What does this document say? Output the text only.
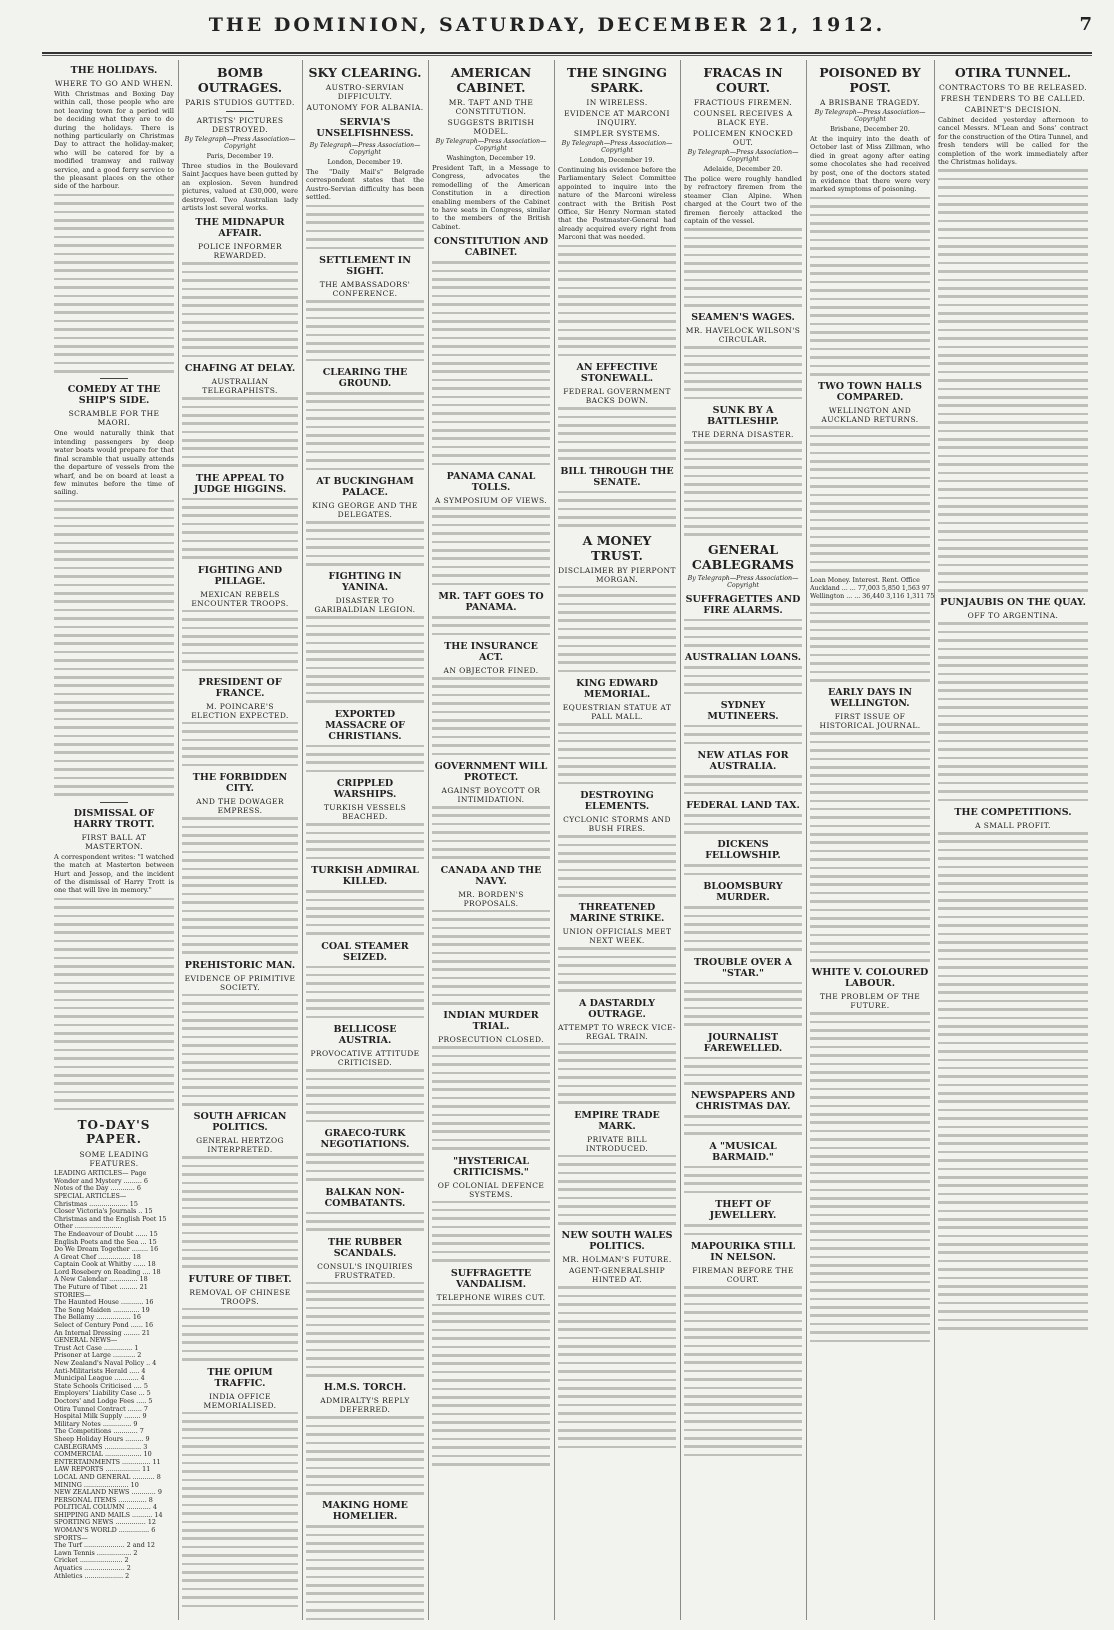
THE DOMINION, SATURDAY, DECEMBER 21, 1912.	7
THE HOLIDAYS.
WHERE TO GO AND WHEN.
With Christmas and Boxing Day within call, those people who are not leaving town for a period will be deciding what they are to do during the holidays. There is nothing particularly on Christmas Day to attract the holiday-maker, who will be catered for by a modified tramway and railway service, and a good ferry service to the pleasant places on the other side of the harbour.
COMEDY AT THE SHIP'S SIDE.
SCRAMBLE FOR THE MAORI.
One would naturally think that intending passengers by deep water boats would prepare for that final scramble that usually attends the departure of vessels from the wharf, and be on board at least a few minutes before the time of sailing.
DISMISSAL OF HARRY TROTT.
FIRST BALL AT MASTERTON.
A correspondent writes: "I watched the match at Masterton between Hurt and Jessop, and the incident of the dismissal of Harry Trott is one that will live in memory."
TO-DAY'S PAPER.
SOME LEADING FEATURES.
LEADING ARTICLES— Page
Wonder and Mystery ......... 6
Notes of the Day ............ 6
SPECIAL ARTICLES—
Christmas ................... 15
Closer Victoria's Journals .. 15
Christmas and the English Poet 15
Other .......................
The Endeavour of Doubt ...... 15
English Poets and the Sea ... 15
Do We Dream Together ........ 16
A Great Chef ................ 18
Captain Cook at Whitby ...... 18
Lord Rosebery on Reading .... 18
A New Calendar .............. 18
The Future of Tibet ......... 21
STORIES—
The Haunted House ........... 16
The Song Maiden ............. 19
The Bellamy ................. 16
Select of Century Pond ...... 16
An Internal Dressing ........ 21
GENERAL NEWS—
Trust Act Case .............. 1
Prisoner at Large ........... 2
New Zealand's Naval Policy .. 4
Anti-Militarists Herald ..... 4
Municipal League ............ 4
State Schools Criticised .... 5
Employers' Liability Case ... 5
Doctors' and Lodge Fees ..... 5
Otira Tunnel Contract ....... 7
Hospital Milk Supply ........ 9
Military Notes .............. 9
The Competitions ............ 7
Sheep Holiday Hours ......... 9
CABLEGRAMS .................. 3
COMMERCIAL .................. 10
ENTERTAINMENTS .............. 11
LAW REPORTS ................. 11
LOCAL AND GENERAL ........... 8
MINING ...................... 10
NEW ZEALAND NEWS ............ 9
PERSONAL ITEMS .............. 8
POLITICAL COLUMN ............ 4
SHIPPING AND MAILS .......... 14
SPORTING NEWS ............... 12
WOMAN'S WORLD ............... 6
SPORTS—
The Turf .................... 2 and 12
Lawn Tennis ................. 2
Cricket ..................... 2
Aquatics .................... 2
Athletics ................... 2
BOMB OUTRAGES.
PARIS STUDIOS GUTTED.
ARTISTS' PICTURES DESTROYED.
By Telegraph—Press Association—Copyright
Paris, December 19.
Three studios in the Boulevard Saint Jacques have been gutted by an explosion. Seven hundred pictures, valued at £30,000, were destroyed. Two Australian lady artists lost several works.
THE MIDNAPUR AFFAIR.
POLICE INFORMER REWARDED.
CHAFING AT DELAY.
AUSTRALIAN TELEGRAPHISTS.
THE APPEAL TO JUDGE HIGGINS.
FIGHTING AND PILLAGE.
MEXICAN REBELS ENCOUNTER TROOPS.
PRESIDENT OF FRANCE.
M. POINCARE'S ELECTION EXPECTED.
THE FORBIDDEN CITY.
AND THE DOWAGER EMPRESS.
PREHISTORIC MAN.
EVIDENCE OF PRIMITIVE SOCIETY.
SOUTH AFRICAN POLITICS.
GENERAL HERTZOG INTERPRETED.
FUTURE OF TIBET.
REMOVAL OF CHINESE TROOPS.
THE OPIUM TRAFFIC.
INDIA OFFICE MEMORIALISED.
SKY CLEARING.
AUSTRO-SERVIAN DIFFICULTY.
AUTONOMY FOR ALBANIA.
SERVIA'S UNSELFISHNESS.
By Telegraph—Press Association—Copyright
London, December 19.
The "Daily Mail's" Belgrade correspondent states that the Austro-Servian difficulty has been settled.
SETTLEMENT IN SIGHT.
THE AMBASSADORS' CONFERENCE.
CLEARING THE GROUND.
AT BUCKINGHAM PALACE.
KING GEORGE AND THE DELEGATES.
FIGHTING IN YANINA.
DISASTER TO GARIBALDIAN LEGION.
EXPORTED MASSACRE OF CHRISTIANS.
CRIPPLED WARSHIPS.
TURKISH VESSELS BEACHED.
TURKISH ADMIRAL KILLED.
COAL STEAMER SEIZED.
BELLICOSE AUSTRIA.
PROVOCATIVE ATTITUDE CRITICISED.
GRAECO-TURK NEGOTIATIONS.
BALKAN NON-COMBATANTS.
THE RUBBER SCANDALS.
CONSUL'S INQUIRIES FRUSTRATED.
H.M.S. TORCH.
ADMIRALTY'S REPLY DEFERRED.
MAKING HOME HOMELIER.
AMERICAN CABINET.
MR. TAFT AND THE CONSTITUTION.
SUGGESTS BRITISH MODEL.
By Telegraph—Press Association—Copyright
Washington, December 19.
President Taft, in a Message to Congress, advocates the remodelling of the American Constitution in a direction enabling members of the Cabinet to have seats in Congress, similar to the members of the British Cabinet.
CONSTITUTION AND CABINET.
PANAMA CANAL TOLLS.
A SYMPOSIUM OF VIEWS.
MR. TAFT GOES TO PANAMA.
THE INSURANCE ACT.
AN OBJECTOR FINED.
GOVERNMENT WILL PROTECT.
AGAINST BOYCOTT OR INTIMIDATION.
CANADA AND THE NAVY.
MR. BORDEN'S PROPOSALS.
INDIAN MURDER TRIAL.
PROSECUTION CLOSED.
"HYSTERICAL CRITICISMS."
OF COLONIAL DEFENCE SYSTEMS.
SUFFRAGETTE VANDALISM.
TELEPHONE WIRES CUT.
THE SINGING SPARK.
IN WIRELESS.
EVIDENCE AT MARCONI INQUIRY.
SIMPLER SYSTEMS.
By Telegraph—Press Association—Copyright
London, December 19.
Continuing his evidence before the Parliamentary Select Committee appointed to inquire into the nature of the Marconi wireless contract with the British Post Office, Sir Henry Norman stated that the Postmaster-General had already acquired every right from Marconi that was needed.
AN EFFECTIVE STONEWALL.
FEDERAL GOVERNMENT BACKS DOWN.
BILL THROUGH THE SENATE.
A MONEY TRUST.
DISCLAIMER BY PIERPONT MORGAN.
KING EDWARD MEMORIAL.
EQUESTRIAN STATUE AT PALL MALL.
DESTROYING ELEMENTS.
CYCLONIC STORMS AND BUSH FIRES.
THREATENED MARINE STRIKE.
UNION OFFICIALS MEET NEXT WEEK.
A DASTARDLY OUTRAGE.
ATTEMPT TO WRECK VICE-REGAL TRAIN.
EMPIRE TRADE MARK.
PRIVATE BILL INTRODUCED.
NEW SOUTH WALES POLITICS.
MR. HOLMAN'S FUTURE.
AGENT-GENERALSHIP HINTED AT.
FRACAS IN COURT.
FRACTIOUS FIREMEN.
COUNSEL RECEIVES A BLACK EYE.
POLICEMEN KNOCKED OUT.
By Telegraph—Press Association—Copyright
Adelaide, December 20.
The police were roughly handled by refractory firemen from the steamer Clan Alpine. When charged at the Court two of the firemen fiercely attacked the captain of the vessel.
SEAMEN'S WAGES.
MR. HAVELOCK WILSON'S CIRCULAR.
SUNK BY A BATTLESHIP.
THE DERNA DISASTER.
GENERAL CABLEGRAMS
By Telegraph—Press Association—Copyright
SUFFRAGETTES AND FIRE ALARMS.
AUSTRALIAN LOANS.
SYDNEY MUTINEERS.
NEW ATLAS FOR AUSTRALIA.
FEDERAL LAND TAX.
DICKENS FELLOWSHIP.
BLOOMSBURY MURDER.
TROUBLE OVER A "STAR."
JOURNALIST FAREWELLED.
NEWSPAPERS AND CHRISTMAS DAY.
A "MUSICAL BARMAID."
THEFT OF JEWELLERY.
MAPOURIKA STILL IN NELSON.
FIREMAN BEFORE THE COURT.
POISONED BY POST.
A BRISBANE TRAGEDY.
By Telegraph—Press Association—Copyright
Brisbane, December 20.
At the inquiry into the death of October last of Miss Zillman, who died in great agony after eating some chocolates she had received by post, one of the doctors stated in evidence that there were very marked symptoms of poisoning.
TWO TOWN HALLS COMPARED.
WELLINGTON AND AUCKLAND RETURNS.
Loan Money. Interest. Rent. Office
Auckland ... ... 77,003 5,850 1,563 97
Wellington ... ... 36,440 3,116 1,311 75
EARLY DAYS IN WELLINGTON.
FIRST ISSUE OF HISTORICAL JOURNAL.
WHITE V. COLOURED LABOUR.
THE PROBLEM OF THE FUTURE.
OTIRA TUNNEL.
CONTRACTORS TO BE RELEASED.
FRESH TENDERS TO BE CALLED.
CABINET'S DECISION.
Cabinet decided yesterday afternoon to cancel Messrs. M'Lean and Sons' contract for the construction of the Otira Tunnel, and fresh tenders will be called for the completion of the work immediately after the Christmas holidays.
PUNJAUBIS ON THE QUAY.
OFF TO ARGENTINA.
THE COMPETITIONS.
A SMALL PROFIT.
